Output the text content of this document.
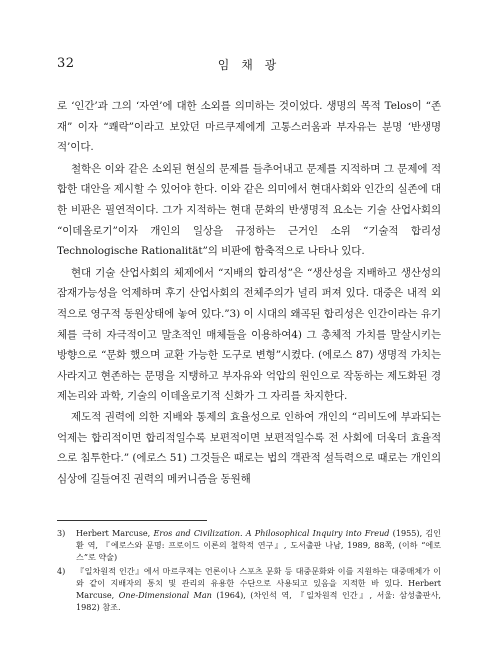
32	임 채 광

로 ‘인간’과 그의 ‘자연’에 대한 소외를 의미하는 것이었다. 생명의 목적 Telos이 “존재” 이자 “쾌락”이라고 보았던 마르쿠제에게 고통스러움과 부자유는 분명 ‘반생명적’이다.

철학은 이와 같은 소외된 현실의 문제를 들추어내고 문제를 지적하며 그 문제에 적합한 대안을 제시할 수 있어야 한다. 이와 같은 의미에서 현대사회와 인간의 실존에 대한 비판은 필연적이다. 그가 지적하는 현대 문화의 반생명적 요소는 기술 산업사회의 “이데올로기”이자 개인의 일상을 규정하는 근거인 소위 “기술적 합리성 Technologische Rationalität”의 비판에 함축적으로 나타나 있다.

현대 기술 산업사회의 체제에서 “지배의 합리성”은 “생산성을 지배하고 생산성의 잠재가능성을 억제하며 후기 산업사회의 전체주의가 널리 퍼져 있다. 대중은 내적 외적으로 영구적 동원상태에 놓여 있다.”3) 이 시대의 왜곡된 합리성은 인간이라는 유기체를 극히 자극적이고 말초적인 매체들을 이용하여4) 그 총체적 가치를 말살시키는 방향으로 “문화 했으며 교환 가능한 도구로 변형”시켰다. (에로스 87) 생명적 가치는 사라지고 현존하는 문명을 지탱하고 부자유와 억압의 원인으로 작동하는 제도화된 경제논리와 과학, 기술의 이데올로기적 신화가 그 자리를 차지한다.

제도적 권력에 의한 지배와 통제의 효율성으로 인하여 개인의 “리비도에 부과되는 억제는 합리적이면 합리적일수록 보편적이면 보편적일수록 전 사회에 더욱더 효율적으로 침투한다.” (에로스 51) 그것들은 때로는 법의 객관적 설득력으로 때로는 개인의 심상에 길들여진 권력의 메커니즘을 동원해

3) Herbert Marcuse, Eros and Civilization. A Philosophical Inquiry into Freud (1955), 김인환 역, 『에로스와 문명: 프로이드 이론의 철학적 연구』, 도서출판 나남, 1989, 88쪽, (이하 “에로스”로 약술)

4) 『일차원적 인간』에서 마르쿠제는 언론이나 스포츠 문화 등 대중문화와 이를 지원하는 대중매체가 이와 같이 지배자의 통치 및 관리의 유용한 수단으로 사용되고 있음을 지적한 바 있다. Herbert Marcuse, One-Dimensional Man (1964), (차인석 역, 『일차원적 인간』, 서울: 삼성출판사, 1982) 참조.
